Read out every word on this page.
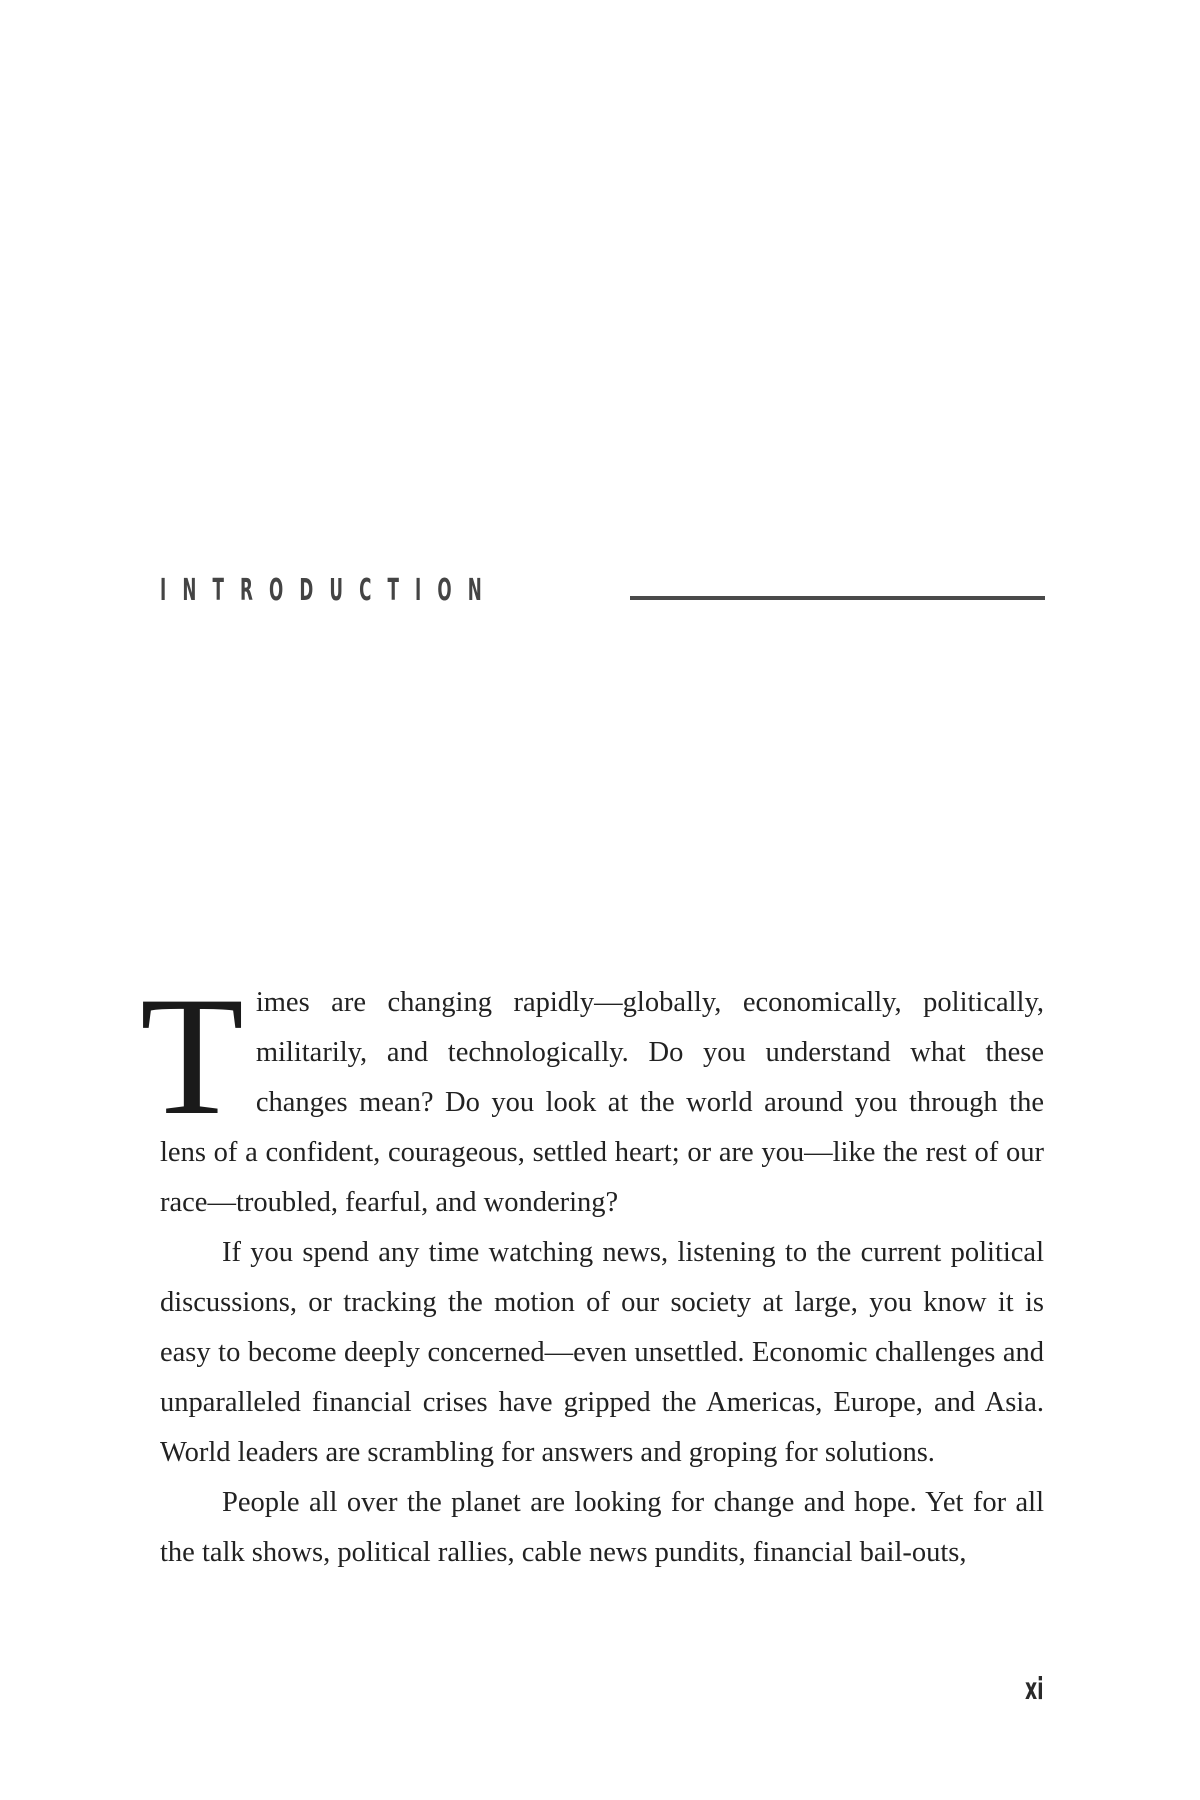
INTRODUCTION

Times are changing rapidly—globally, economically, politically, militarily, and technologically. Do you understand what these changes mean? Do you look at the world around you through the lens of a confident, courageous, settled heart; or are you—like the rest of our race—troubled, fearful, and wondering?

If you spend any time watching news, listening to the current political discussions, or tracking the motion of our society at large, you know it is easy to become deeply concerned—even unsettled. Economic challenges and unparalleled financial crises have gripped the Americas, Europe, and Asia. World leaders are scrambling for answers and groping for solutions.

People all over the planet are looking for change and hope. Yet for all the talk shows, political rallies, cable news pundits, financial bail-outs,

xi
